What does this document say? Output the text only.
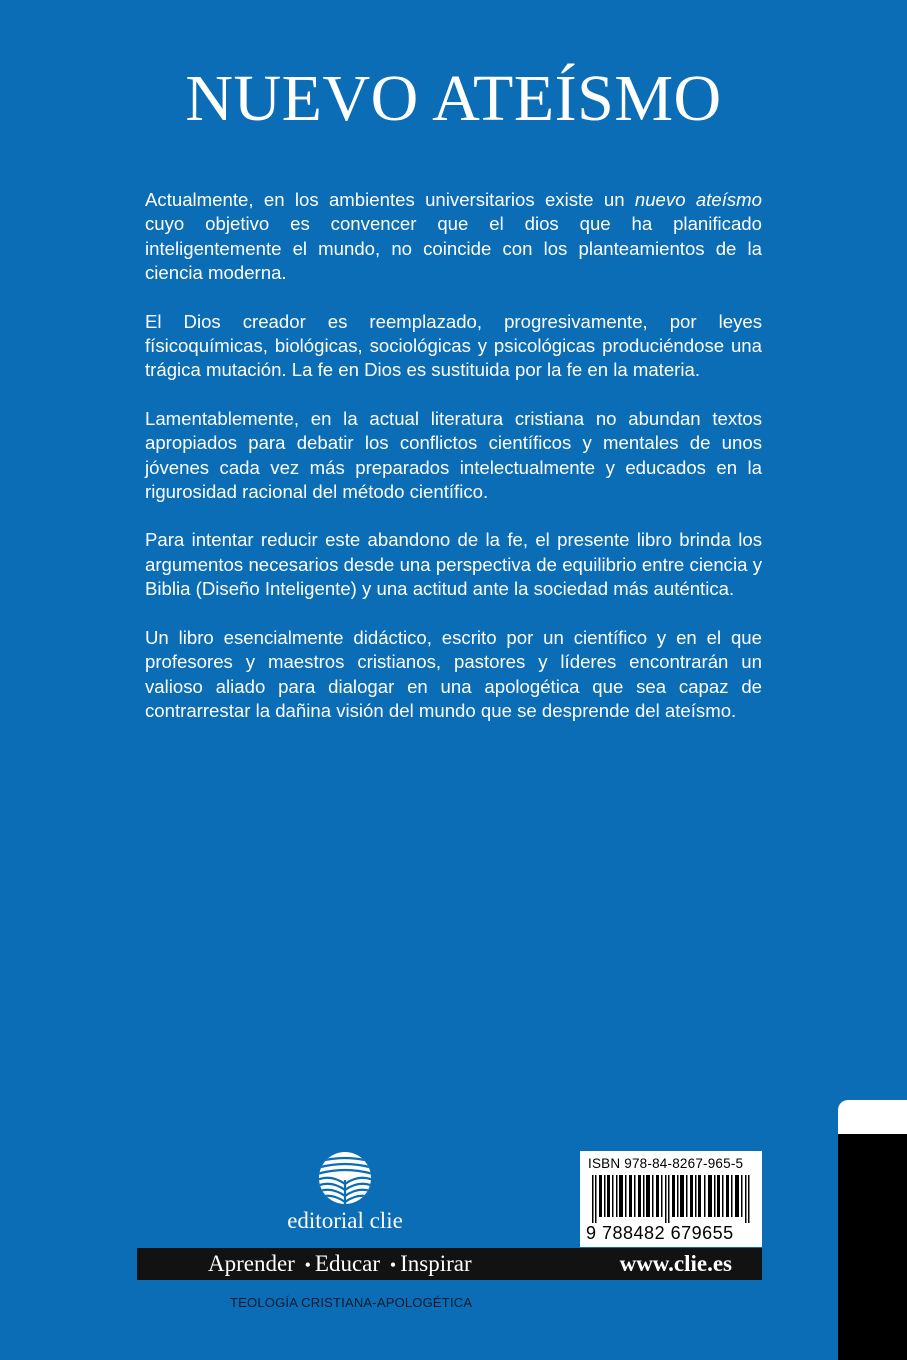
NUEVO ATEÍSMO

Actualmente, en los ambientes universitarios existe un nuevo ateísmo cuyo objetivo es convencer que el dios que ha planificado inteligentemente el mundo, no coincide con los planteamientos de la ciencia moderna.

El Dios creador es reemplazado, progresivamente, por leyes físicoquímicas, biológicas, sociológicas y psicológicas produciéndose una trágica mutación. La fe en Dios es sustituida por la fe en la materia.

Lamentablemente, en la actual literatura cristiana no abundan textos apropiados para debatir los conflictos científicos y mentales de unos jóvenes cada vez más preparados intelectualmente y educados en la rigurosidad racional del método científico.

Para intentar reducir este abandono de la fe, el presente libro brinda los argumentos necesarios desde una perspectiva de equilibrio entre ciencia y Biblia (Diseño Inteligente) y una actitud ante la sociedad más auténtica.

Un libro esencialmente didáctico, escrito por un científico y en el que profesores y maestros cristianos, pastores y líderes encontrarán un valioso aliado para dialogar en una apologética que sea capaz de contrarrestar la dañina visión del mundo que se desprende del ateísmo.

editorial clie
ISBN 978-84-8267-965-5
9 788482 679655
Aprender • Educar • Inspirar	www.clie.es
TEOLOGÍA CRISTIANA-APOLOGÉTICA
